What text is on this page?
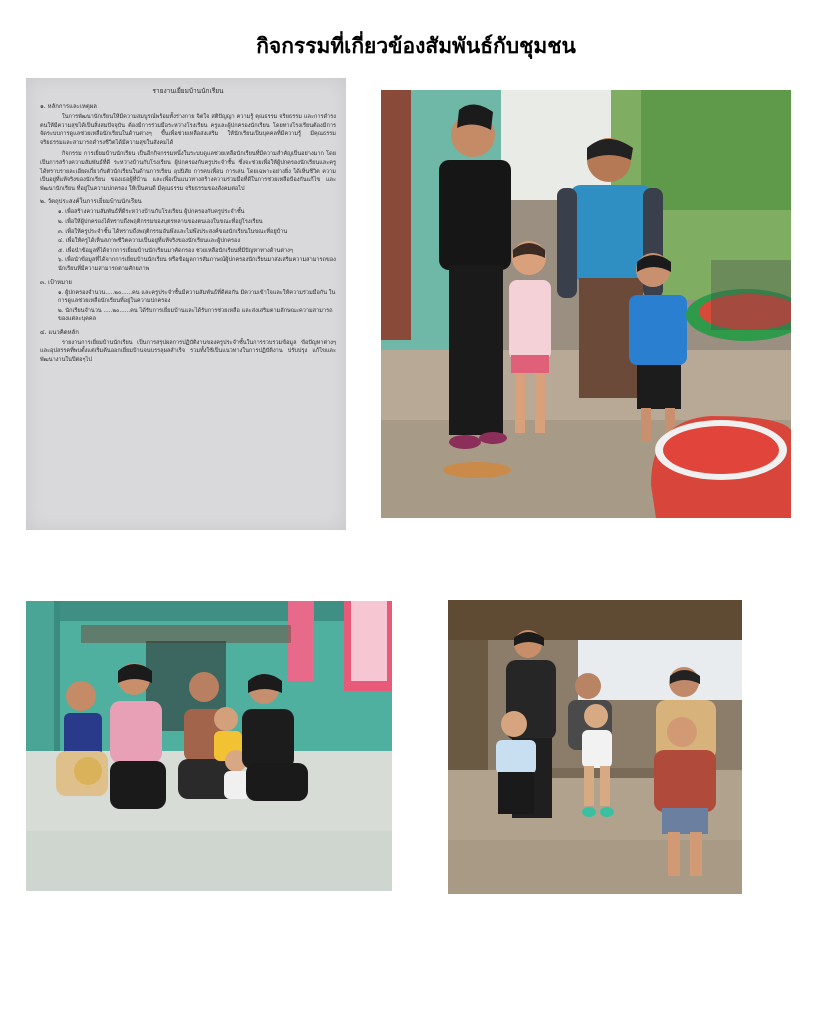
กิจกรรมที่เกี่ยวข้องสัมพันธ์กับชุมชน
รายงานเยี่ยมบ้านนักเรียน
๑. หลักการและเหตุผล
ในการพัฒนานักเรียนให้มีความสมบูรณ์พร้อมทั้งร่างกาย จิตใจ สติปัญญา ความรู้ คุณธรรม จริยธรรม และการดำรงตนให้มีความสุขได้เป็นสิ่งสมปัจจุบัน ต้องมีการร่วมมือระหว่างโรงเรียน ครูและผู้ปกครองนักเรียน โดยทางโรงเรียนต้องมีการจัดระบบการดูแลช่วยเหลือนักเรียนในด้านต่างๆ ขึ้นเพื่อช่วยเหลือส่งเสริม ให้นักเรียนเป็นบุคคลที่มีความรู้ มีคุณธรรม จริยธรรมและสามารถดำรงชีวิตได้มีความสุขในสังคมได้
กิจกรรม การเยี่ยมบ้านนักเรียน เป็นอีกกิจกรรมหนึ่งในระบบดูแลช่วยเหลือนักเรียนที่มีความสำคัญเป็นอย่างมาก โดยเป็นการสร้างความสัมพันธ์ที่ดี ระหว่างบ้านกับโรงเรียน ผู้ปกครองกับครูประจำชั้น ซึ่งจะช่วยเพื่อให้ผู้ปกครองนักเรียนและครู ได้ทราบรายละเอียดเกี่ยวกับตัวนักเรียนในด้านการเรียน อุปนิสัย การคบเพื่อน การเล่น โดยเฉพาะอย่างยิ่ง ได้เห็นชีวิต ความเป็นอยู่ที่แท้จริงของนักเรียน ของเธอผู้ที่บ้าน และเพื่อเป็นแนวทางสร้างความร่วมมือที่ดีในการช่วยเหลือป้องกันแก้ไข และพัฒนานักเรียน ที่อยู่ในความปกครอง ให้เป็นคนดี มีคุณธรรม จริยธรรมของสังคมต่อไป
๒. วัตถุประสงค์ในการเยี่ยมบ้านนักเรียน
๑. เพื่อสร้างความสัมพันธ์ที่ดีระหว่างบ้านกับโรงเรียน ผู้ปกครองกับครูประจำชั้น
๒. เพื่อให้ผู้ปกครองได้ทราบถึงพฤติกรรมของบุตรหลานของตนเองในขณะที่อยู่โรงเรียน
๓. เพื่อให้ครูประจำชั้น ได้ทราบถึงพฤติกรรมอันพึงและไม่พึงประสงค์ของนักเรียนในขณะที่อยู่บ้าน
๔. เพื่อให้ครูได้เห็นสภาพชีวิตความเป็นอยู่ที่แท้จริงของนักเรียนและผู้ปกครอง
๕. เพื่อนำข้อมูลที่ได้จากการเยี่ยมบ้านนักเรียนมาคัดกรอง ช่วยเหลือนักเรียนที่มีปัญหาทางด้านต่างๆ
๖. เพื่อนำข้อมูลที่ได้จากการเยี่ยมบ้านนักเรียน หรือข้อมูลการสัมภาษณ์ผู้ปกครองนักเรียนมาส่งเสริมความสามารถของนักเรียนที่มีความสามารถตามศักยภาพ
๓. เป้าหมาย
๑. ผู้ปกครองจำนวน.....๒๐......คน และครูประจำชั้นมีความสัมพันธ์ที่ดีต่อกัน มีความเข้าใจและให้ความร่วมมือกัน ในการดูแลช่วยเหลือนักเรียนที่อยู่ในความปกครอง
๒. นักเรียนจำนวน .....๒๐......คน ได้รับการเยี่ยมบ้านและได้รับการช่วยเหลือ และส่งเสริมตามลักษณะความสามารถของแต่ละบุคคล
๔. แนวคิดหลัก
รายงานการเยี่ยมบ้านนักเรียน เป็นการสรุปผลการปฏิบัติงานของครูประจำชั้นในการรวบรวมข้อมูล ข้อปัญหาต่างๆ และอุปสรรคที่พบตั้งแต่เริ่มต้นออกเยี่ยมบ้านจนบรรลุผลสำเร็จ รวมทั้งใช้เป็นแนวทางในการปฏิบัติงาน ปรับปรุง แก้ไขและพัฒนางานในปีต่อๆไป
